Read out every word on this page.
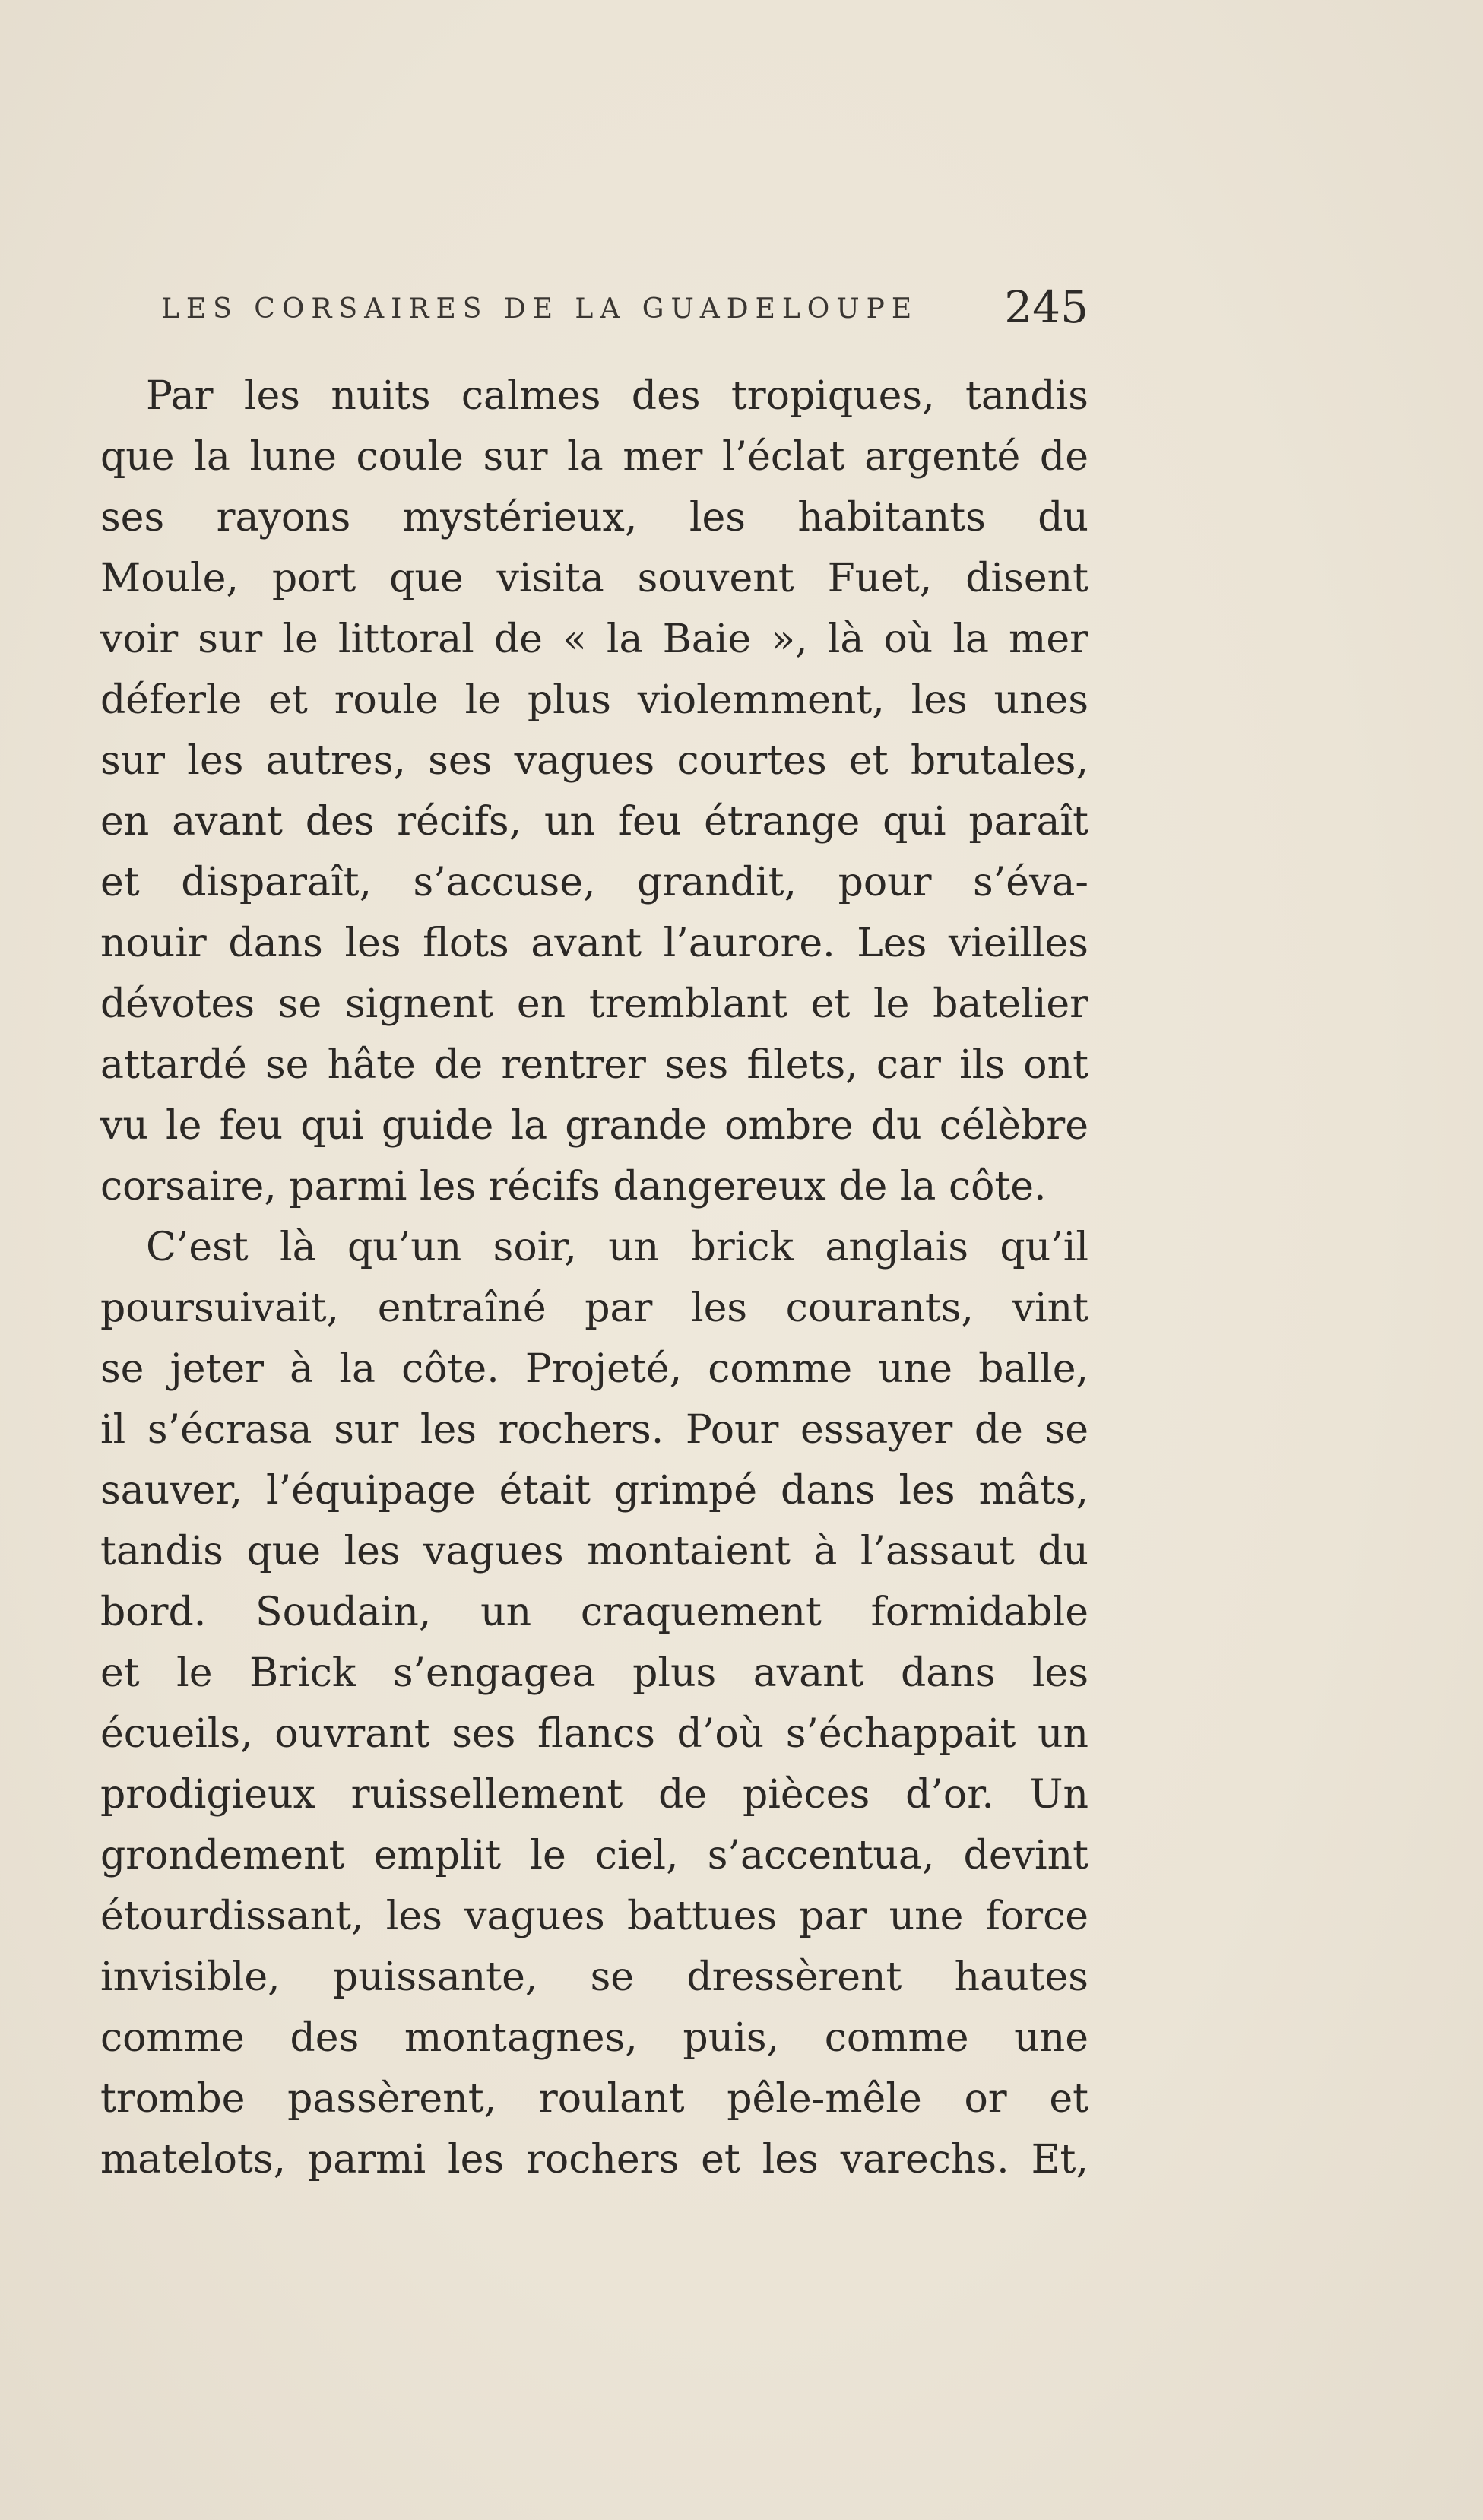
LES CORSAIRES DE LA GUADELOUPE 245
Par les nuits calmes des tropiques, tandis
que la lune coule sur la mer l’éclat argenté de
ses rayons mystérieux, les habitants du
Moule, port que visita souvent Fuet, disent
voir sur le littoral de « la Baie », là où la mer
déferle et roule le plus violemment, les unes
sur les autres, ses vagues courtes et brutales,
en avant des récifs, un feu étrange qui paraît
et disparaît, s’accuse, grandit, pour s’éva-
nouir dans les flots avant l’aurore. Les vieilles
dévotes se signent en tremblant et le batelier
attardé se hâte de rentrer ses filets, car ils ont
vu le feu qui guide la grande ombre du célèbre
corsaire, parmi les récifs dangereux de la côte.
C’est là qu’un soir, un brick anglais qu’il
poursuivait, entraîné par les courants, vint
se jeter à la côte. Projeté, comme une balle,
il s’écrasa sur les rochers. Pour essayer de se
sauver, l’équipage était grimpé dans les mâts,
tandis que les vagues montaient à l’assaut du
bord. Soudain, un craquement formidable
et le Brick s’engagea plus avant dans les
écueils, ouvrant ses flancs d’où s’échappait un
prodigieux ruissellement de pièces d’or. Un
grondement emplit le ciel, s’accentua, devint
étourdissant, les vagues battues par une force
invisible, puissante, se dressèrent hautes
comme des montagnes, puis, comme une
trombe passèrent, roulant pêle-mêle or et
matelots, parmi les rochers et les varechs. Et,
